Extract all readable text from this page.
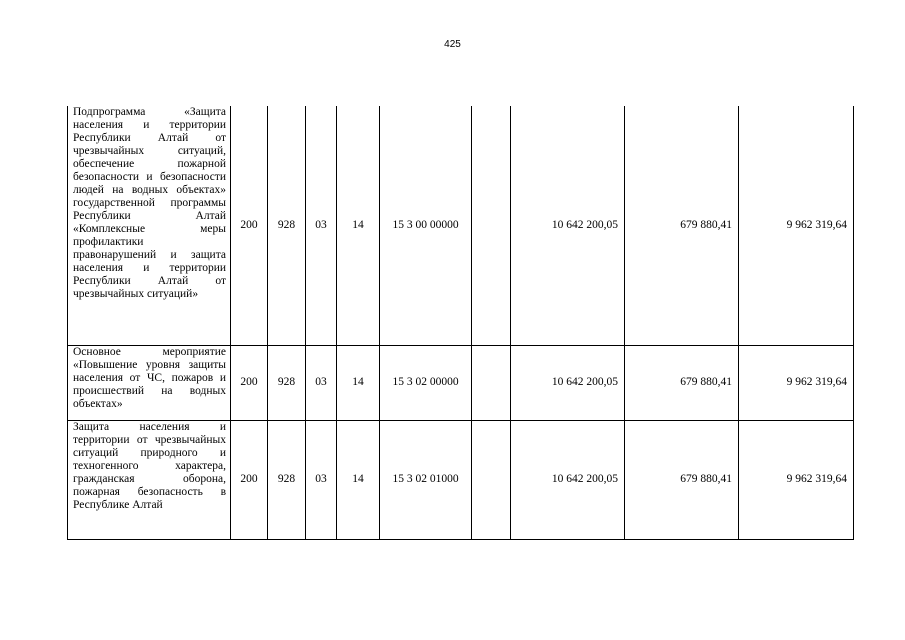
425
Подпрограмма «Защита населения и территории Республики Алтай от чрезвычайных ситуаций, обеспечение пожарной безопасности и безопасности людей на водных объектах» государственной программы Республики Алтай «Комплексные меры профилактики правонарушений и защита населения и территории Республики Алтай от чрезвычайных ситуаций»	200	928	03	14	15 3 00 00000		10 642 200,05	679 880,41	9 962 319,64
Основное мероприятие «Повышение уровня защиты населения от ЧС, пожаров и происшествий на водных объектах»	200	928	03	14	15 3 02 00000		10 642 200,05	679 880,41	9 962 319,64
Защита населения и территории от чрезвычайных ситуаций природного и техногенного характера, гражданская оборона, пожарная безопасность в Республике Алтай	200	928	03	14	15 3 02 01000		10 642 200,05	679 880,41	9 962 319,64
